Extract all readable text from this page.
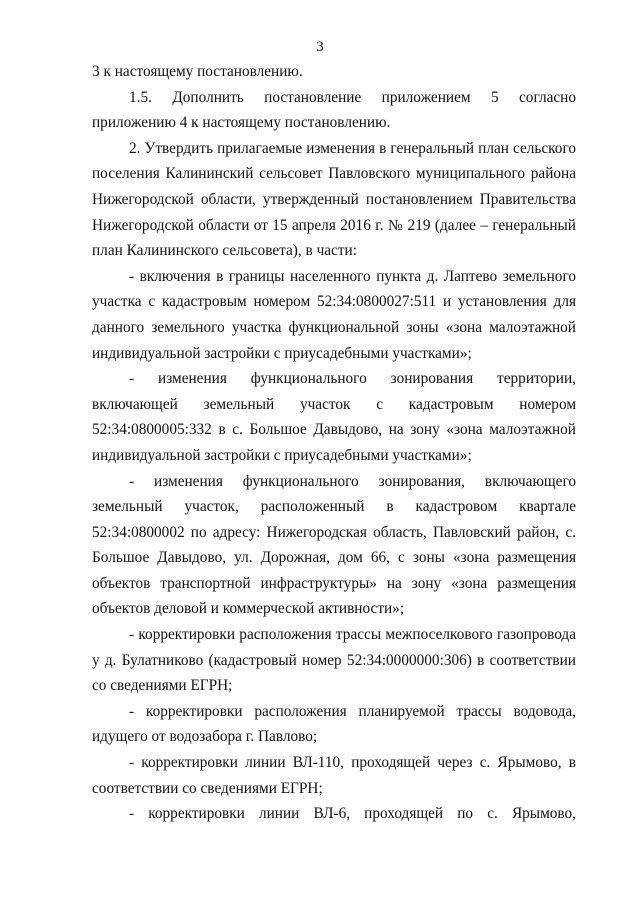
3

3 к настоящему постановлению.

1.5. Дополнить постановление приложением 5 согласно приложению 4 к настоящему постановлению.

2. Утвердить прилагаемые изменения в генеральный план сельского поселения Калининский сельсовет Павловского муниципального района Нижегородской области, утвержденный постановлением Правительства Нижегородской области от 15 апреля 2016 г. № 219 (далее – генеральный план Калининского сельсовета), в части:

- включения в границы населенного пункта д. Лаптево земельного участка с кадастровым номером 52:34:0800027:511 и установления для данного земельного участка функциональной зоны «зона малоэтажной индивидуальной застройки с приусадебными участками»;

- изменения функционального зонирования территории, включающей земельный участок с кадастровым номером 52:34:0800005:332 в с. Большое Давыдово, на зону «зона малоэтажной индивидуальной застройки с приусадебными участками»;

- изменения функционального зонирования, включающего земельный участок, расположенный в кадастровом квартале 52:34:0800002 по адресу: Нижегородская область, Павловский район, с. Большое Давыдово, ул. Дорожная, дом 66, с зоны «зона размещения объектов транспортной инфраструктуры» на зону «зона размещения объектов деловой и коммерческой активности»;

- корректировки расположения трассы межпоселкового газопровода у д. Булатниково (кадастровый номер 52:34:0000000:306) в соответствии со сведениями ЕГРН;

- корректировки расположения планируемой трассы водовода, идущего от водозабора г. Павлово;

- корректировки линии ВЛ-110, проходящей через с. Ярымово, в соответствии со сведениями ЕГРН;

- корректировки линии ВЛ-6, проходящей по с. Ярымово,
